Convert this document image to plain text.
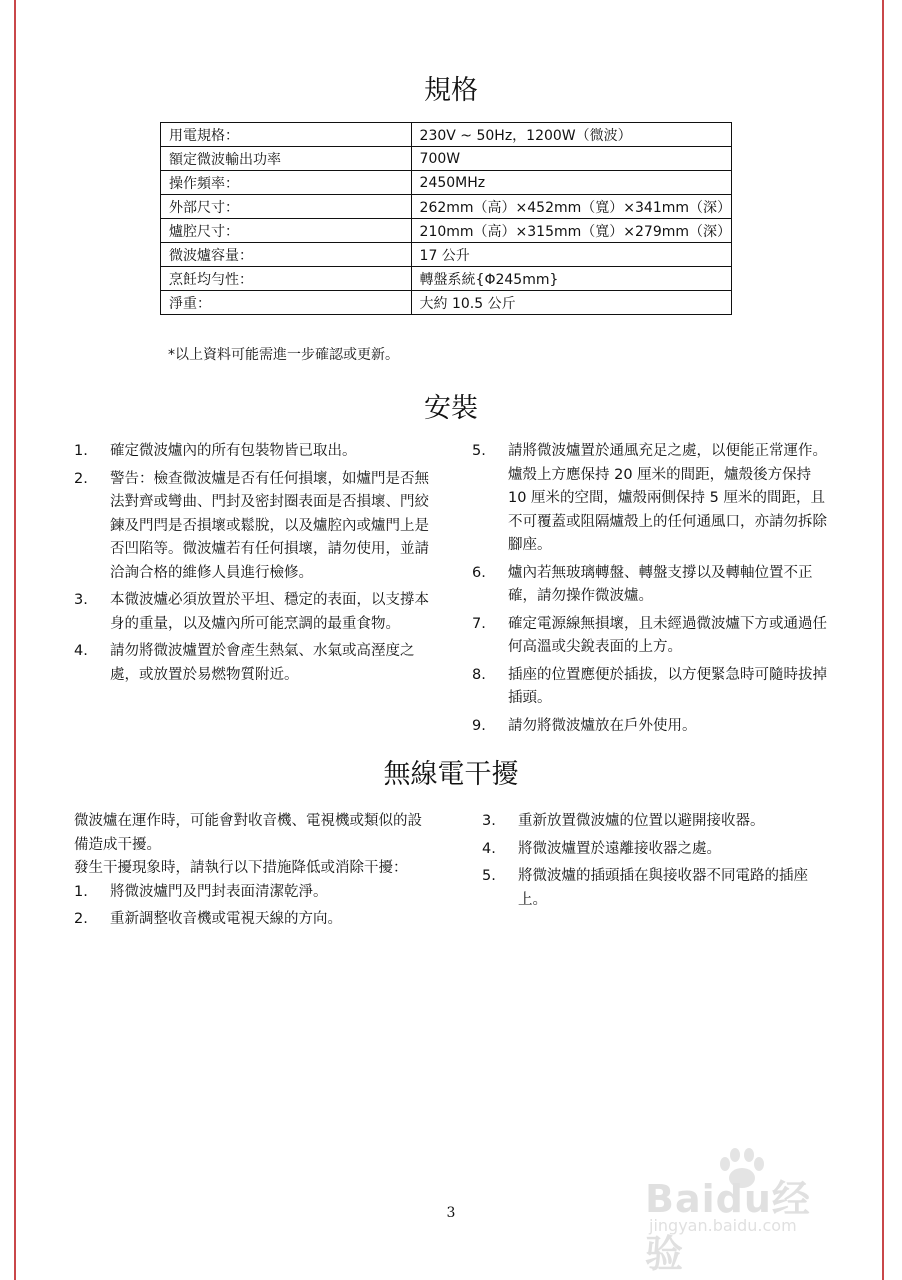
規格
用電規格：	230V ~ 50Hz，1200W（微波）
額定微波輸出功率	700W
操作頻率：	2450MHz
外部尺寸：	262mm（高）×452mm（寬）×341mm（深）
爐腔尺寸：	210mm（高）×315mm（寬）×279mm（深）
微波爐容量：	17 公升
烹飪均勻性：	轉盤系統{Φ245mm}
淨重：	大約 10.5 公斤
*以上資料可能需進一步確認或更新。
安裝
1. 確定微波爐內的所有包裝物皆已取出。
2. 警告：檢查微波爐是否有任何損壞，如爐門是否無法對齊或彎曲、門封及密封圈表面是否損壞、門絞鍊及門閂是否損壞或鬆脫，以及爐腔內或爐門上是否凹陷等。微波爐若有任何損壞，請勿使用，並請洽詢合格的維修人員進行檢修。
3. 本微波爐必須放置於平坦、穩定的表面，以支撐本身的重量，以及爐內所可能烹調的最重食物。
4. 請勿將微波爐置於會產生熱氣、水氣或高溼度之處，或放置於易燃物質附近。
5. 請將微波爐置於通風充足之處，以便能正常運作。爐殼上方應保持 20 厘米的間距，爐殼後方保持 10 厘米的空間，爐殼兩側保持 5 厘米的間距，且不可覆蓋或阻隔爐殼上的任何通風口，亦請勿拆除腳座。
6. 爐內若無玻璃轉盤、轉盤支撐以及轉軸位置不正確，請勿操作微波爐。
7. 確定電源線無損壞，且未經過微波爐下方或通過任何高溫或尖銳表面的上方。
8. 插座的位置應便於插拔，以方便緊急時可隨時拔掉插頭。
9. 請勿將微波爐放在戶外使用。
無線電干擾

微波爐在運作時，可能會對收音機、電視機或類似的設備造成干擾。

發生干擾現象時，請執行以下措施降低或消除干擾：

1. 將微波爐門及門封表面清潔乾淨。
2. 重新調整收音機或電視天線的方向。
3. 重新放置微波爐的位置以避開接收器。
4. 將微波爐置於遠離接收器之處。
5. 將微波爐的插頭插在與接收器不同電路的插座上。
3	Baidu经验
jingyan.baidu.com
